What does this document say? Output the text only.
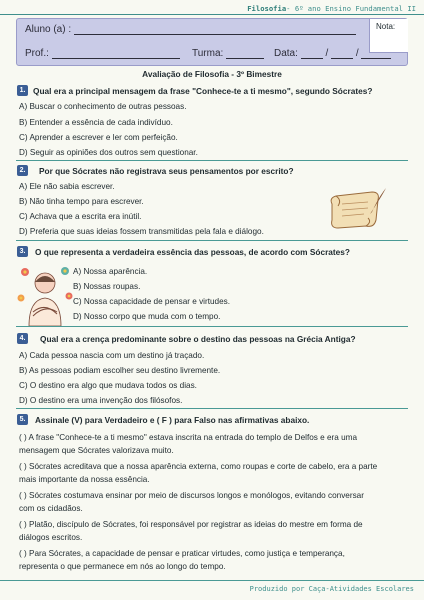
Filosofia- 6º ano Ensino Fundamental II
Aluno (a) :	Nota:
Prof.:	Turma:	Data:	/	/
Avaliação de Filosofia - 3º Bimestre
1. Qual era a principal mensagem da frase "Conhece-te a ti mesmo", segundo Sócrates?
A) Buscar o conhecimento de outras pessoas.
B) Entender a essência de cada indivíduo.
C) Aprender a escrever e ler com perfeição.
D) Seguir as opiniões dos outros sem questionar.
2.	Por que Sócrates não registrava seus pensamentos por escrito?
A) Ele não sabia escrever.
B) Não tinha tempo para escrever.
C) Achava que a escrita era inútil.
D) Preferia que suas ideias fossem transmitidas pela fala e diálogo.
3.	O que representa a verdadeira essência das pessoas, de acordo com Sócrates?
A) Nossa aparência.
B) Nossas roupas.
C) Nossa capacidade de pensar e virtudes.
D) Nosso corpo que muda com o tempo.
4.	Qual era a crença predominante sobre o destino das pessoas na Grécia Antiga?
A) Cada pessoa nascia com um destino já traçado.
B) As pessoas podiam escolher seu destino livremente.
C) O destino era algo que mudava todos os dias.
D) O destino era uma invenção dos filósofos.
5.	Assinale (V) para Verdadeiro e ( F ) para Falso nas afirmativas abaixo.
( ) A frase "Conhece-te a ti mesmo" estava inscrita na entrada do templo de Delfos e era uma
mensagem que Sócrates valorizava muito.
( ) Sócrates acreditava que a nossa aparência externa, como roupas e corte de cabelo, era a parte
mais importante da nossa essência.
( ) Sócrates costumava ensinar por meio de discursos longos e monólogos, evitando conversar
com os cidadãos.
( ) Platão, discípulo de Sócrates, foi responsável por registrar as ideias do mestre em forma de
diálogos escritos.
( ) Para Sócrates, a capacidade de pensar e praticar virtudes, como justiça e temperança,
representa o que permanece em nós ao longo do tempo.
Produzido por Caça-Atividades Escolares
